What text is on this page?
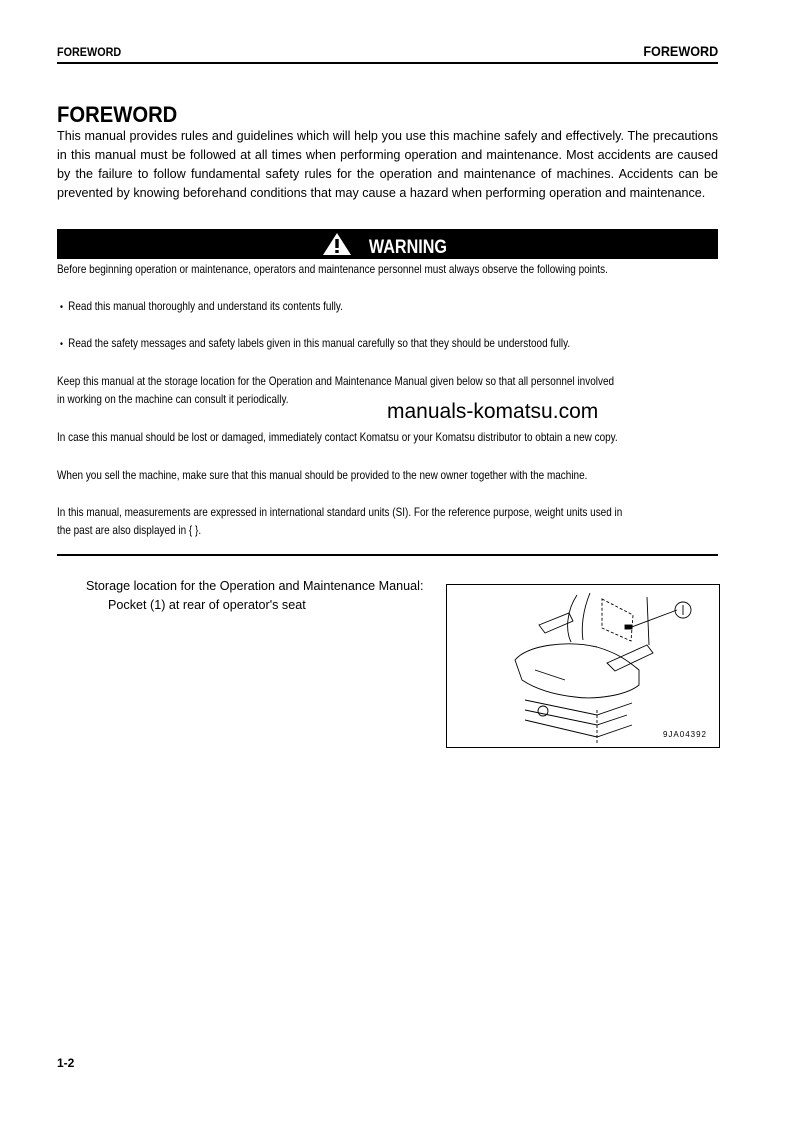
FOREWORD	FOREWORD
FOREWORD
This manual provides rules and guidelines which will help you use this machine safely and effectively. The precautions in this manual must be followed at all times when performing operation and maintenance. Most accidents are caused by the failure to follow fundamental safety rules for the operation and maintenance of machines. Accidents can be prevented by knowing beforehand conditions that may cause a hazard when performing operation and maintenance.
WARNING
Before beginning operation or maintenance, operators and maintenance personnel must always observe the following points.
• Read this manual thoroughly and understand its contents fully.
• Read the safety messages and safety labels given in this manual carefully so that they should be understood fully.
Keep this manual at the storage location for the Operation and Maintenance Manual given below so that all personnel involved
in working on the machine can consult it periodically.
manuals-komatsu.com
In case this manual should be lost or damaged, immediately contact Komatsu or your Komatsu distributor to obtain a new copy.
When you sell the machine, make sure that this manual should be provided to the new owner together with the machine.
In this manual, measurements are expressed in international standard units (SI). For the reference purpose, weight units used in
the past are also displayed in { }.
Storage location for the Operation and Maintenance Manual:
Pocket (1) at rear of operator's seat
9JA04392
1-2
